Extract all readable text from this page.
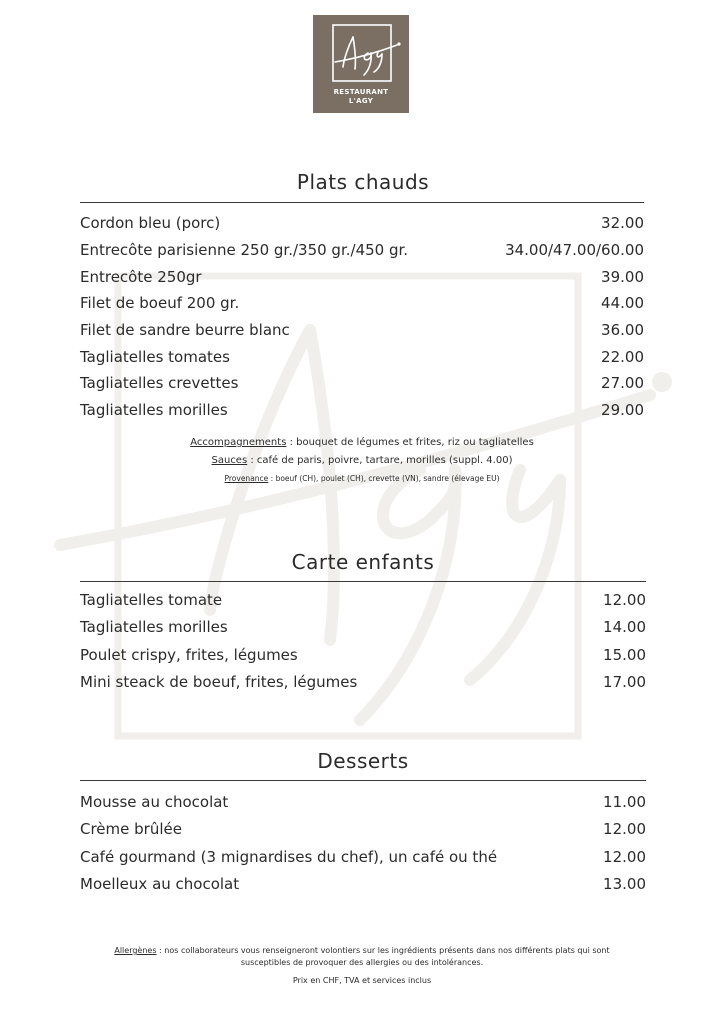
RESTAURANT
L'AGY
Plats chauds
Cordon bleu (porc)	32.00
Entrecôte parisienne 250 gr./350 gr./450 gr.	34.00/47.00/60.00
Entrecôte 250gr	39.00
Filet de boeuf 200 gr.	44.00
Filet de sandre beurre blanc	36.00
Tagliatelles tomates	22.00
Tagliatelles crevettes	27.00
Tagliatelles morilles	29.00
Accompagnements : bouquet de légumes et frites, riz ou tagliatelles
Sauces : café de paris, poivre, tartare, morilles (suppl. 4.00)
Provenance : boeuf (CH), poulet (CH), crevette (VN), sandre (élevage EU)
Carte enfants
Tagliatelles tomate	12.00
Tagliatelles morilles	14.00
Poulet crispy, frites, légumes	15.00
Mini steack de boeuf, frites, légumes	17.00
Desserts
Mousse au chocolat	11.00
Crème brûlée	12.00
Café gourmand (3 mignardises du chef), un café ou thé	12.00
Moelleux au chocolat	13.00
Allergènes : nos collaborateurs vous renseigneront volontiers sur les ingrédients présents dans nos différents plats qui sont
susceptibles de provoquer des allergies ou des intolérances.
Prix en CHF, TVA et services inclus
